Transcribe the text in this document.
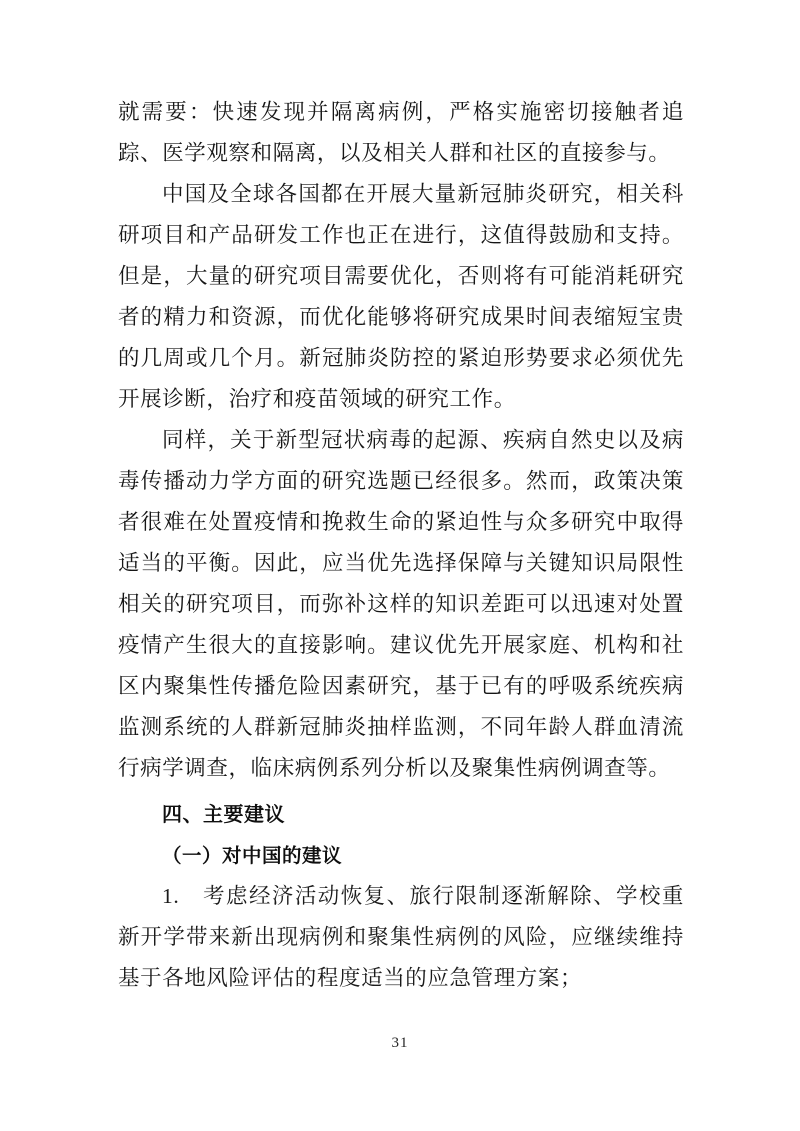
就需要：快速发现并隔离病例，严格实施密切接触者追踪、医学观察和隔离，以及相关人群和社区的直接参与。

中国及全球各国都在开展大量新冠肺炎研究，相关科研项目和产品研发工作也正在进行，这值得鼓励和支持。但是，大量的研究项目需要优化，否则将有可能消耗研究者的精力和资源，而优化能够将研究成果时间表缩短宝贵的几周或几个月。新冠肺炎防控的紧迫形势要求必须优先开展诊断，治疗和疫苗领域的研究工作。

同样，关于新型冠状病毒的起源、疾病自然史以及病毒传播动力学方面的研究选题已经很多。然而，政策决策者很难在处置疫情和挽救生命的紧迫性与众多研究中取得适当的平衡。因此，应当优先选择保障与关键知识局限性相关的研究项目，而弥补这样的知识差距可以迅速对处置疫情产生很大的直接影响。建议优先开展家庭、机构和社区内聚集性传播危险因素研究，基于已有的呼吸系统疾病监测系统的人群新冠肺炎抽样监测，不同年龄人群血清流行病学调查，临床病例系列分析以及聚集性病例调查等。

四、主要建议
（一）对中国的建议

1.　考虑经济活动恢复、旅行限制逐渐解除、学校重新开学带来新出现病例和聚集性病例的风险，应继续维持基于各地风险评估的程度适当的应急管理方案；

31
